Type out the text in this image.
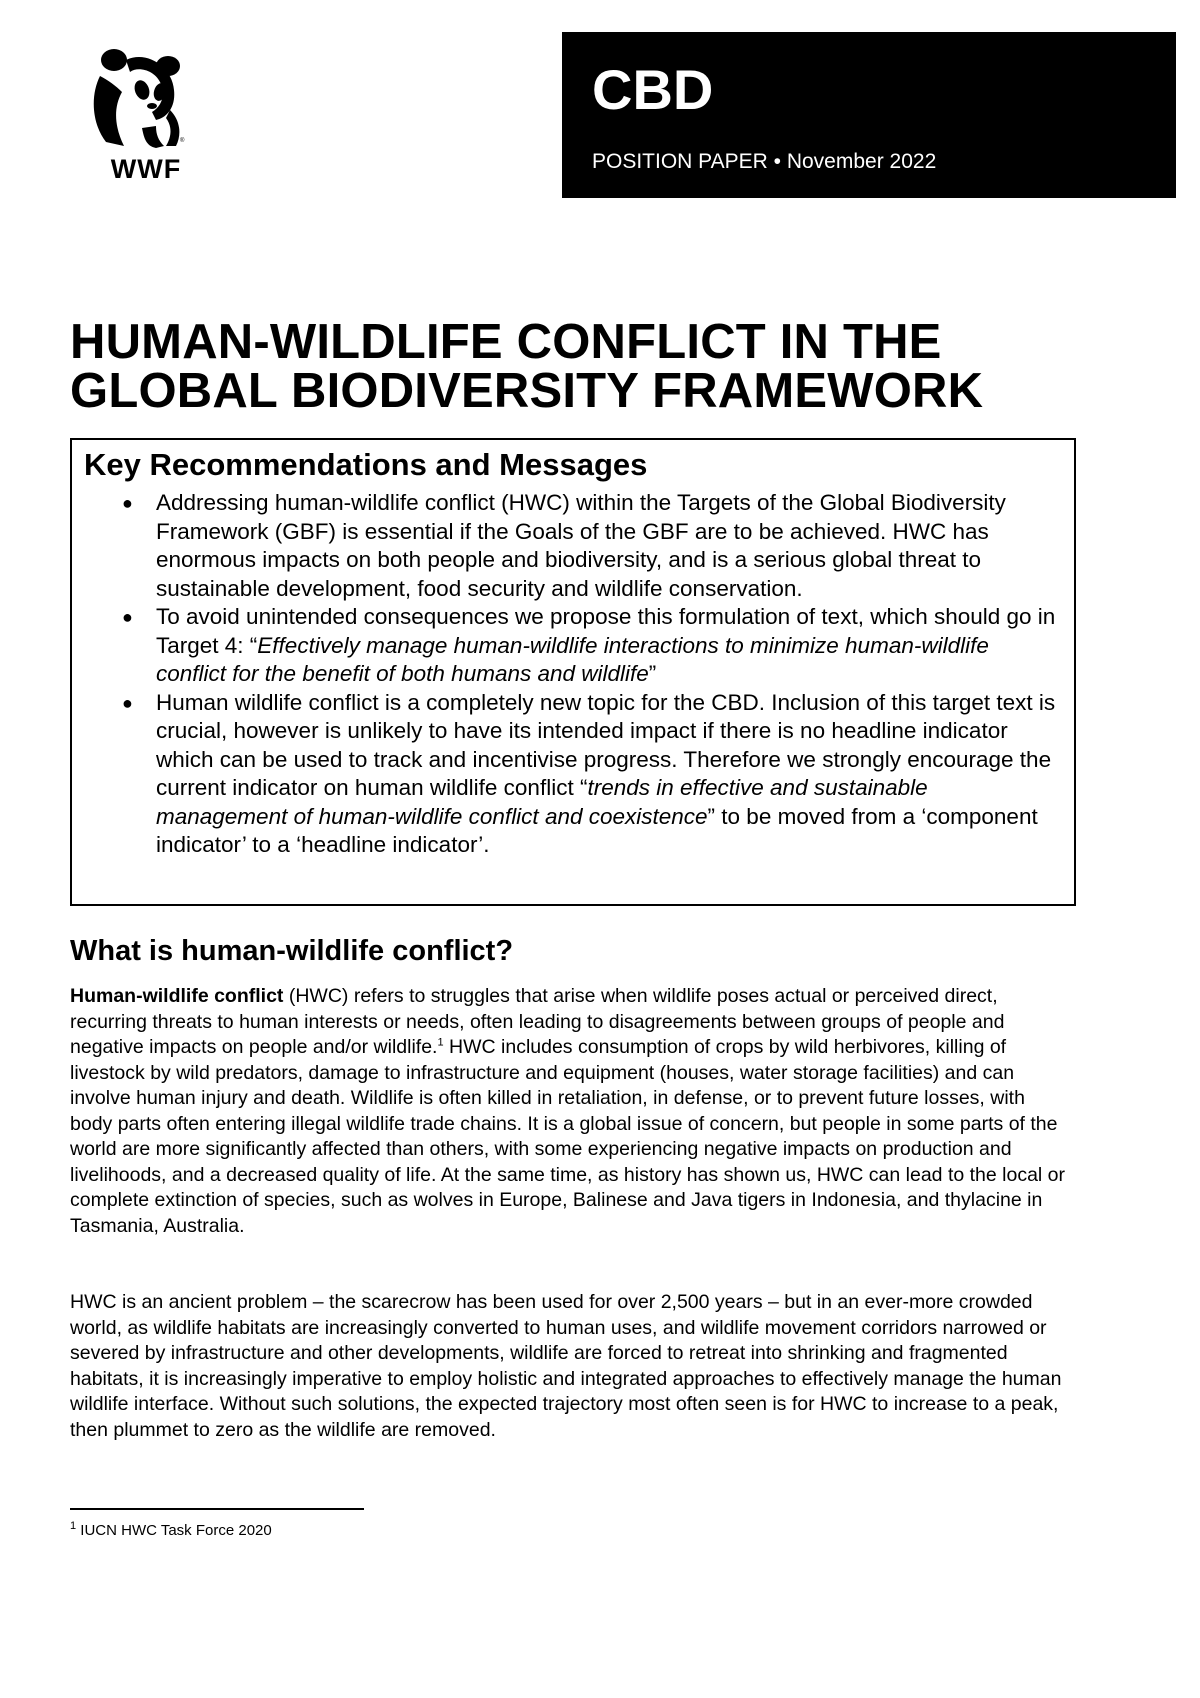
®
®
WWF
CBD
POSITION PAPER • November 2022
HUMAN-WILDLIFE CONFLICT IN THE GLOBAL BIODIVERSITY FRAMEWORK
Key Recommendations and Messages
● Addressing human-wildlife conflict (HWC) within the Targets of the Global Biodiversity Framework (GBF) is essential if the Goals of the GBF are to be achieved. HWC has enormous impacts on both people and biodiversity, and is a serious global threat to sustainable development, food security and wildlife conservation.
● To avoid unintended consequences we propose this formulation of text, which should go in Target 4: “Effectively manage human-wildlife interactions to minimize human-wildlife conflict for the benefit of both humans and wildlife”
● Human wildlife conflict is a completely new topic for the CBD. Inclusion of this target text is crucial, however is unlikely to have its intended impact if there is no headline indicator which can be used to track and incentivise progress. Therefore we strongly encourage the current indicator on human wildlife conflict “trends in effective and sustainable management of human-wildlife conflict and coexistence” to be moved from a ‘component indicator’ to a ‘headline indicator’.
What is human-wildlife conflict?

Human-wildlife conflict (HWC) refers to struggles that arise when wildlife poses actual or perceived direct, recurring threats to human interests or needs, often leading to disagreements between groups of people and negative impacts on people and/or wildlife.$^1$ HWC includes consumption of crops by wild herbivores, killing of livestock by wild predators, damage to infrastructure and equipment (houses, water storage facilities) and can involve human injury and death. Wildlife is often killed in retaliation, in defense, or to prevent future losses, with body parts often entering illegal wildlife trade chains. It is a global issue of concern, but people in some parts of the world are more significantly affected than others, with some experiencing negative impacts on production and livelihoods, and a decreased quality of life. At the same time, as history has shown us, HWC can lead to the local or complete extinction of species, such as wolves in Europe, Balinese and Java tigers in Indonesia, and thylacine in Tasmania, Australia.

HWC is an ancient problem – the scarecrow has been used for over 2,500 years – but in an ever-more crowded world, as wildlife habitats are increasingly converted to human uses, and wildlife movement corridors narrowed or severed by infrastructure and other developments, wildlife are forced to retreat into shrinking and fragmented habitats, it is increasingly imperative to employ holistic and integrated approaches to effectively manage the human wildlife interface. Without such solutions, the expected trajectory most often seen is for HWC to increase to a peak, then plummet to zero as the wildlife are removed.

$^1$ IUCN HWC Task Force 2020
